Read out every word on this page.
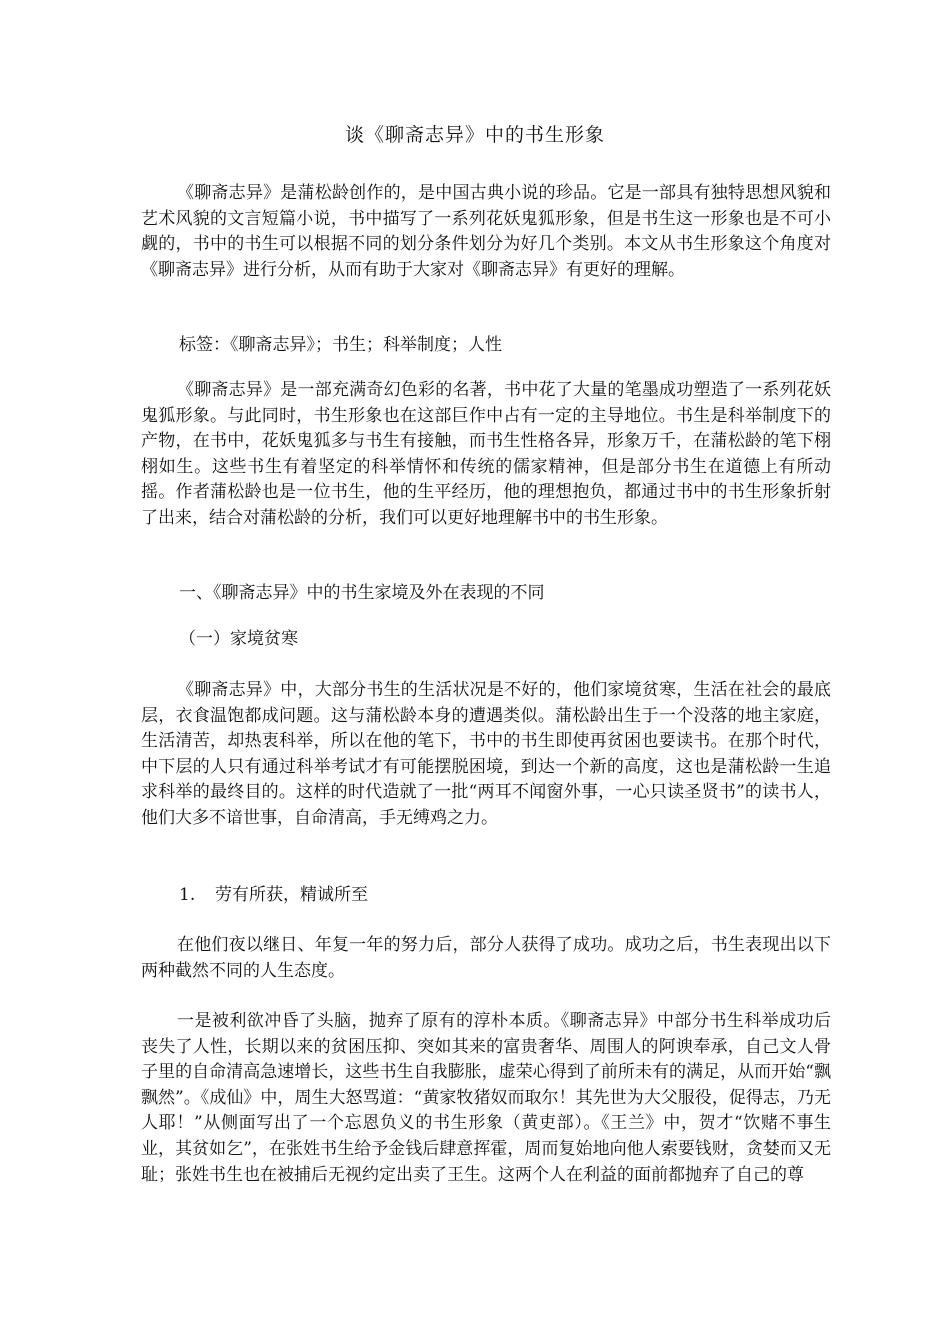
谈《聊斋志异》中的书生形象

《聊斋志异》是蒲松龄创作的，是中国古典小说的珍品。它是一部具有独特思想风貌和艺术风貌的文言短篇小说，书中描写了一系列花妖鬼狐形象，但是书生这一形象也是不可小觑的，书中的书生可以根据不同的划分条件划分为好几个类别。本文从书生形象这个角度对《聊斋志异》进行分析，从而有助于大家对《聊斋志异》有更好的理解。

标签：《聊斋志异》；书生；科举制度；人性

《聊斋志异》是一部充满奇幻色彩的名著，书中花了大量的笔墨成功塑造了一系列花妖鬼狐形象。与此同时，书生形象也在这部巨作中占有一定的主导地位。书生是科举制度下的产物，在书中，花妖鬼狐多与书生有接触，而书生性格各异，形象万千，在蒲松龄的笔下栩栩如生。这些书生有着坚定的科举情怀和传统的儒家精神，但是部分书生在道德上有所动摇。作者蒲松龄也是一位书生，他的生平经历，他的理想抱负，都通过书中的书生形象折射了出来，结合对蒲松龄的分析，我们可以更好地理解书中的书生形象。

一、《聊斋志异》中的书生家境及外在表现的不同
（一）家境贫寒

《聊斋志异》中，大部分书生的生活状况是不好的，他们家境贫寒，生活在社会的最底层，衣食温饱都成问题。这与蒲松龄本身的遭遇类似。蒲松龄出生于一个没落的地主家庭，生活清苦，却热衷科举，所以在他的笔下，书中的书生即使再贫困也要读书。在那个时代，中下层的人只有通过科举考试才有可能摆脱困境，到达一个新的高度，这也是蒲松龄一生追求科举的最终目的。这样的时代造就了一批“两耳不闻窗外事，一心只读圣贤书”的读书人，他们大多不谙世事，自命清高，手无缚鸡之力。

1. 劳有所获，精诚所至

在他们夜以继日、年复一年的努力后，部分人获得了成功。成功之后，书生表现出以下两种截然不同的人生态度。

一是被利欲冲昏了头脑，抛弃了原有的淳朴本质。《聊斋志异》中部分书生科举成功后丧失了人性，长期以来的贫困压抑、突如其来的富贵奢华、周围人的阿谀奉承，自己文人骨子里的自命清高急速增长，这些书生自我膨胀，虚荣心得到了前所未有的满足，从而开始“飘飘然”。《成仙》中，周生大怒骂道：“黄家牧猪奴而取尔！其先世为大父服役，促得志，乃无人耶！”从侧面写出了一个忘恩负义的书生形象（黄吏部）。《王兰》中，贺才“饮赌不事生业，其贫如乞”，在张姓书生给予金钱后肆意挥霍，周而复始地向他人索要钱财，贪婪而又无耻；张姓书生也在被捕后无视约定出卖了王生。这两个人在利益的面前都抛弃了自己的尊
